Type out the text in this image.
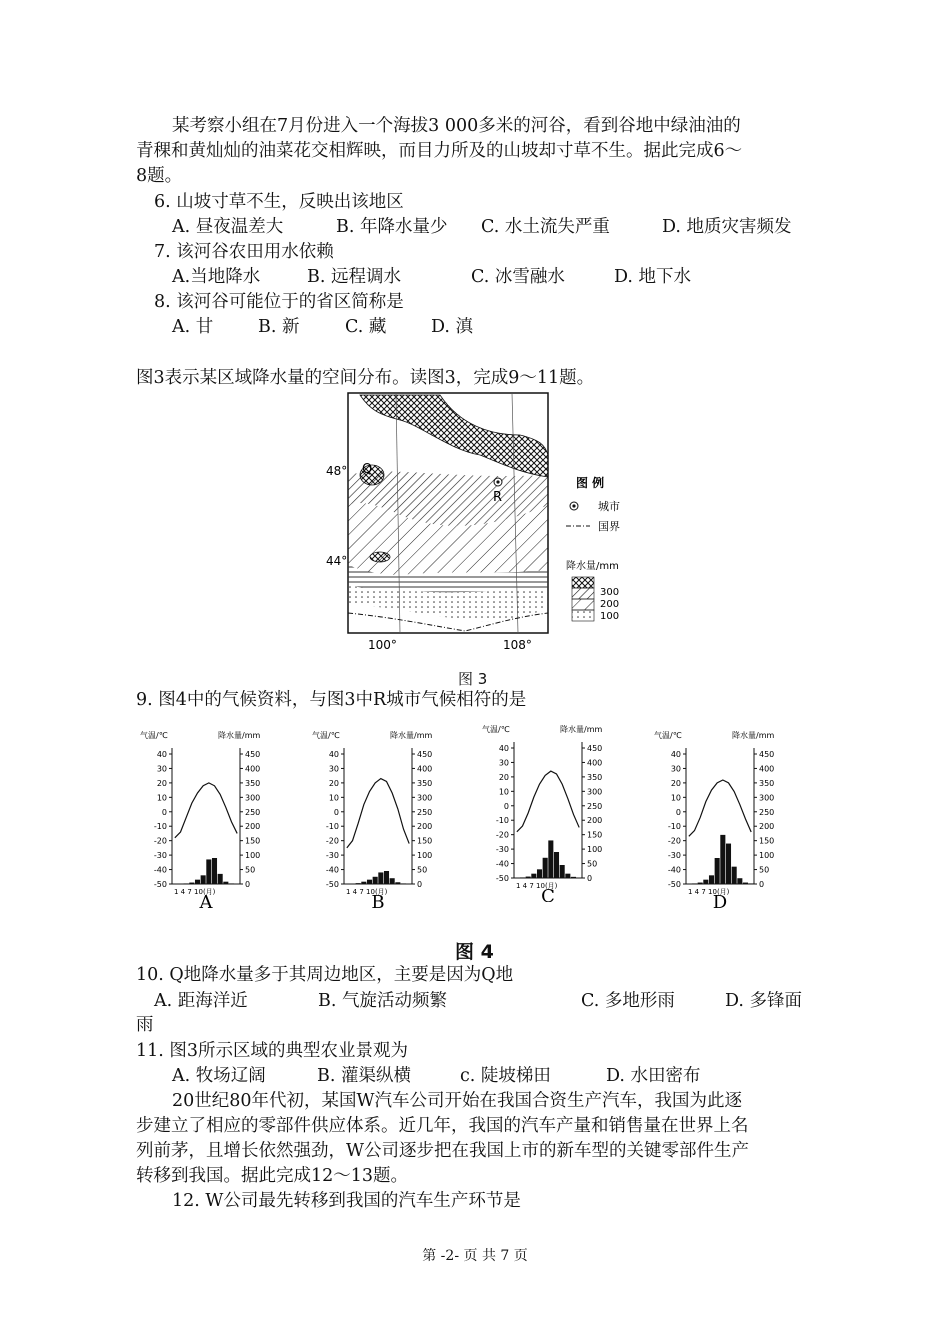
某考察小组在7月份进入一个海拔3 000多米的河谷，看到谷地中绿油油的
青稞和黄灿灿的油菜花交相辉映，而目力所及的山坡却寸草不生。据此完成6～
8题。
6. 山坡寸草不生，反映出该地区
A. 昼夜温差大	B. 年降水量少 C. 水土流失严重	D. 地质灾害频发
7. 该河谷农田用水依赖
A.当地降水	B. 远程调水	C. 冰雪融水	D. 地下水
8. 该河谷可能位于的省区简称是
A. 甘	B. 新	C. 藏	D. 滇
图3表示某区域降水量的空间分布。读图3，完成9～11题。
48°
44°
100°	108°
Q
R
图 例
城市
国界
降水量/mm
300
200
100
图 3
9. 图4中的气候资料，与图3中R城市气候相符的是
气温/℃	降水量/mm
40
30
20
10
0
-10
-20
-30
-40
-50
450
400
350
300
250
200
150
100
50
0
1 4 7 10(月)
A
气温/℃	降水量/mm
40
30
20
10
0
-10
-20
-30
-40
-50
450
400
350
300
250
200
150
100
50
0
1 4 7 10(月)
B
气温/℃	降水量/mm
40
30
20
10
0
-10
-20
-30
-40
-50
450
400
350
300
250
200
150
100
50
0
1 4 7 10(月)
C
气温/℃	降水量/mm
40
30
20
10
0
-10
-20
-30
-40
-50
450
400
350
300
250
200
150
100
50
0
1 4 7 10(月)
D
图 4
10. Q地降水量多于其周边地区，主要是因为Q地
A. 距海洋近	B. 气旋活动频繁	C. 多地形雨	D. 多锋面
雨
11. 图3所示区域的典型农业景观为
A. 牧场辽阔	B. 灌渠纵横	c. 陡坡梯田	D. 水田密布
20世纪80年代初，某国W汽车公司开始在我国合资生产汽车，我国为此逐
步建立了相应的零部件供应体系。近几年，我国的汽车产量和销售量在世界上名
列前茅，且增长依然强劲，W公司逐步把在我国上市的新车型的关键零部件生产
转移到我国。据此完成12～13题。
12. W公司最先转移到我国的汽车生产环节是
第 -2- 页 共 7 页
